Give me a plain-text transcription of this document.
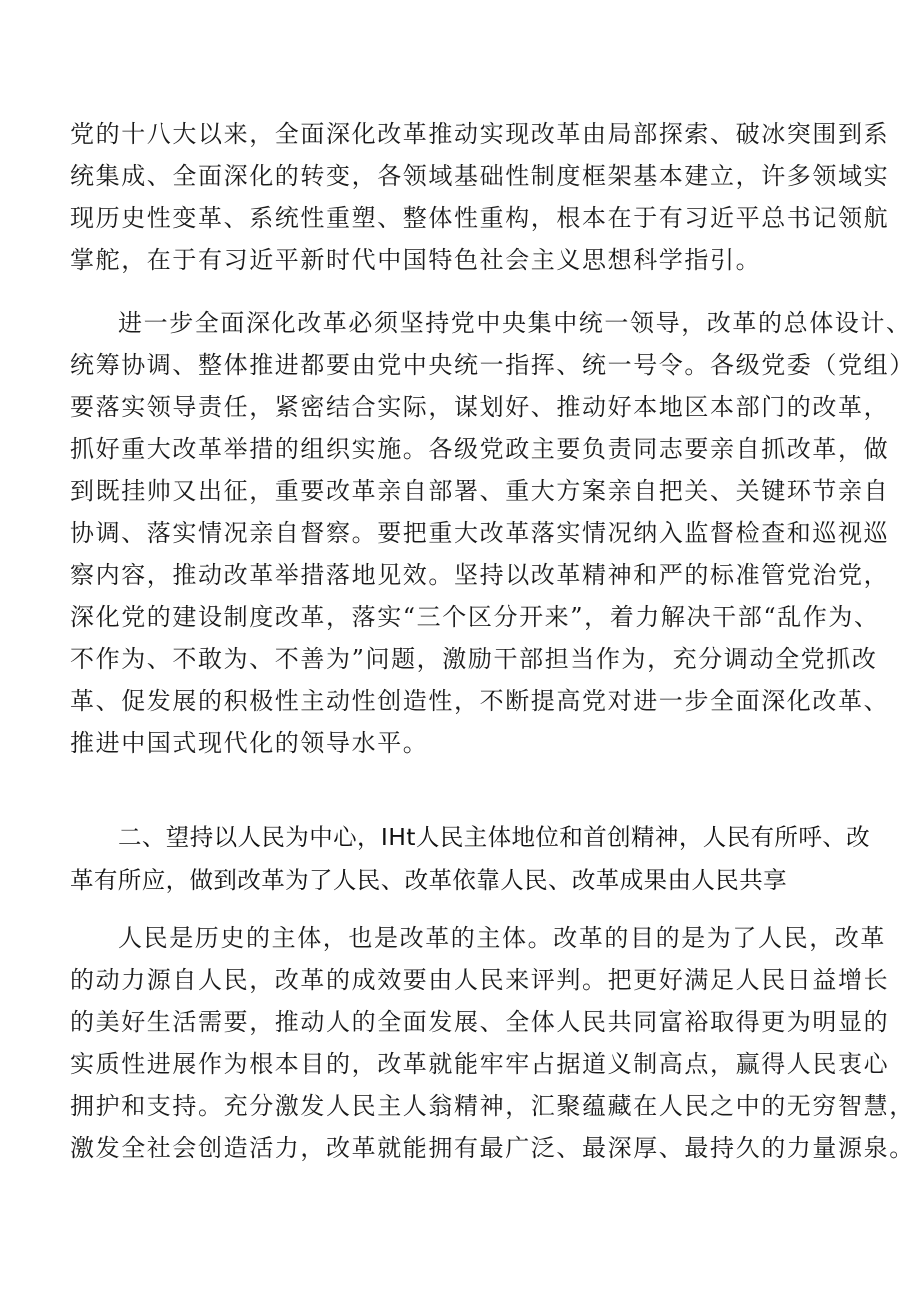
党的十八大以来，全面深化改革推动实现改革由局部探索、破冰突围到系
统集成、全面深化的转变，各领域基础性制度框架基本建立，许多领域实
现历史性变革、系统性重塑、整体性重构，根本在于有习近平总书记领航
掌舵，在于有习近平新时代中国特色社会主义思想科学指引。
进一步全面深化改革必须坚持党中央集中统一领导，改革的总体设计、
统筹协调、整体推进都要由党中央统一指挥、统一号令。各级党委（党组）
要落实领导责任，紧密结合实际，谋划好、推动好本地区本部门的改革，
抓好重大改革举措的组织实施。各级党政主要负责同志要亲自抓改革，做
到既挂帅又出征，重要改革亲自部署、重大方案亲自把关、关键环节亲自
协调、落实情况亲自督察。要把重大改革落实情况纳入监督检查和巡视巡
察内容，推动改革举措落地见效。坚持以改革精神和严的标准管党治党，
深化党的建设制度改革，落实“三个区分开来”，着力解决干部“乱作为、
不作为、不敢为、不善为”问题，激励干部担当作为，充分调动全党抓改
革、促发展的积极性主动性创造性，不断提高党对进一步全面深化改革、
推进中国式现代化的领导水平。
二、望持以人民为中心，IHt人民主体地位和首创精神，人民有所呼、改
革有所应，做到改革为了人民、改革依靠人民、改革成果由人民共享
人民是历史的主体，也是改革的主体。改革的目的是为了人民，改革
的动力源自人民，改革的成效要由人民来评判。把更好满足人民日益增长
的美好生活需要，推动人的全面发展、全体人民共同富裕取得更为明显的
实质性进展作为根本目的，改革就能牢牢占据道义制高点，赢得人民衷心
拥护和支持。充分激发人民主人翁精神，汇聚蕴藏在人民之中的无穷智慧，
激发全社会创造活力，改革就能拥有最广泛、最深厚、最持久的力量源泉。
